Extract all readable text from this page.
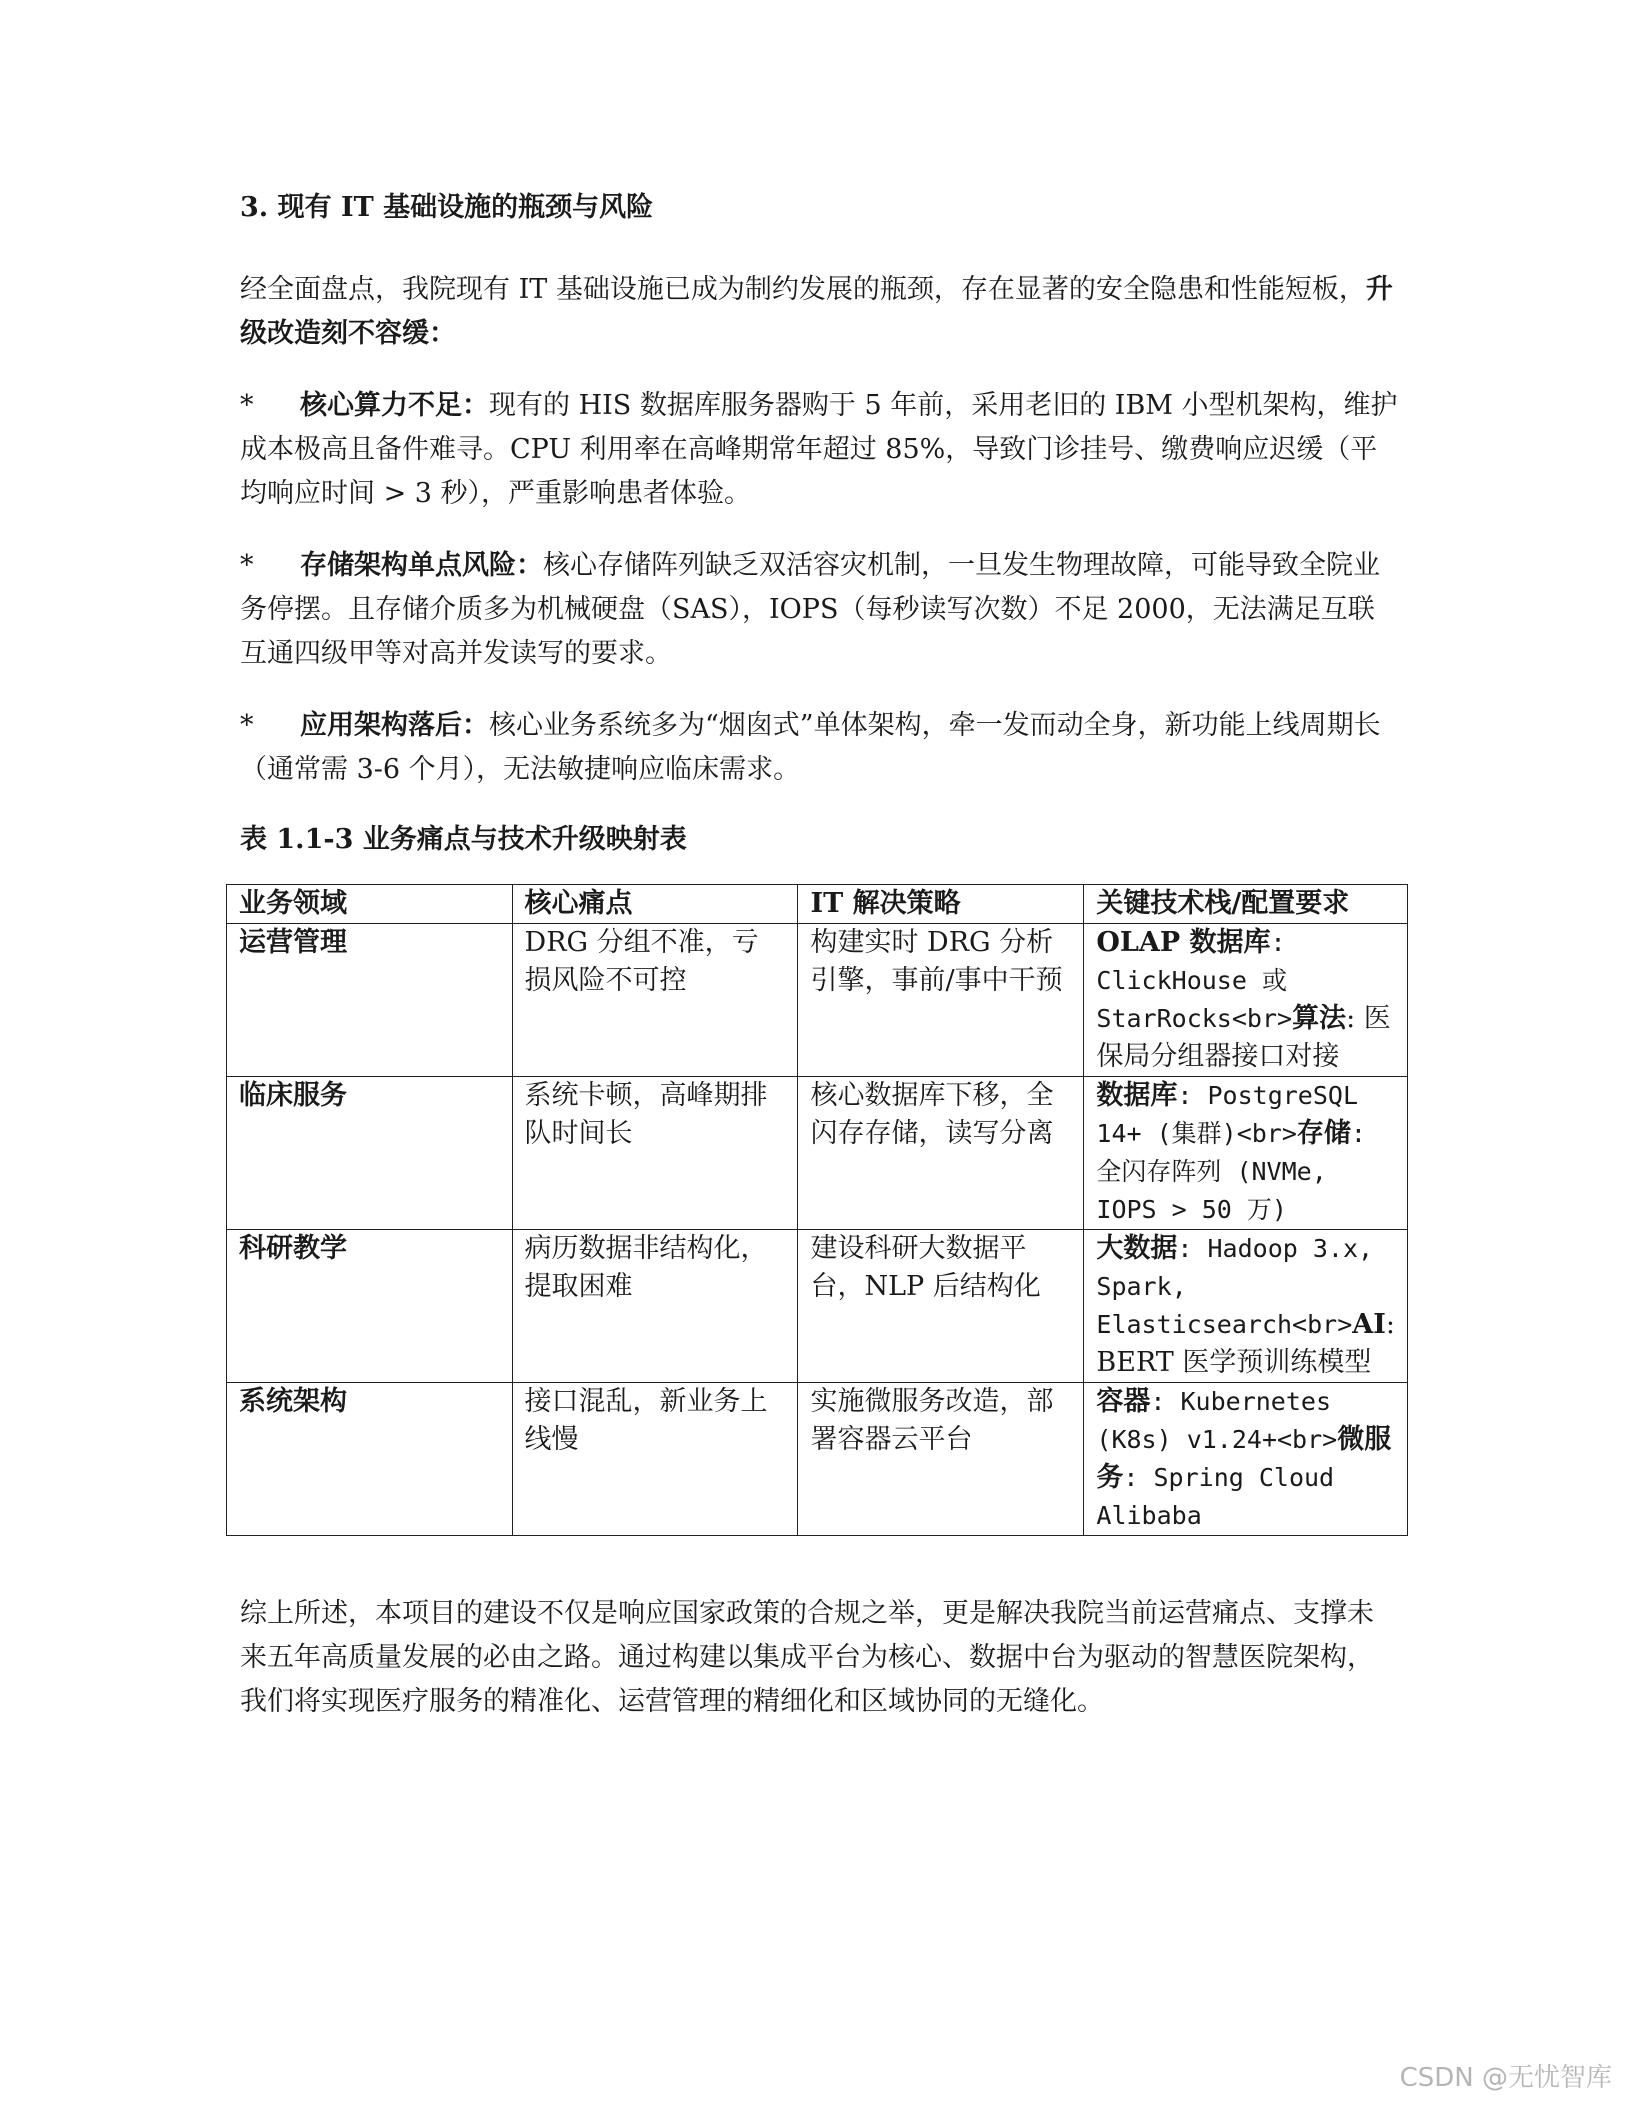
3. 现有 IT 基础设施的瓶颈与风险

经全面盘点，我院现有 IT 基础设施已成为制约发展的瓶颈，存在显著的安全隐患和性能短板，升级改造刻不容缓：

* 核心算力不足：现有的 HIS 数据库服务器购于 5 年前，采用老旧的 IBM 小型机架构，维护成本极高且备件难寻。CPU 利用率在高峰期常年超过 85%，导致门诊挂号、缴费响应迟缓（平均响应时间 > 3 秒），严重影响患者体验。

* 存储架构单点风险：核心存储阵列缺乏双活容灾机制，一旦发生物理故障，可能导致全院业务停摆。且存储介质多为机械硬盘（SAS），IOPS（每秒读写次数）不足 2000，无法满足互联互通四级甲等对高并发读写的要求。

* 应用架构落后：核心业务系统多为“烟囱式”单体架构，牵一发而动全身，新功能上线周期长（通常需 3-6 个月），无法敏捷响应临床需求。

表 1.1-3 业务痛点与技术升级映射表
业务领域	核心痛点	IT 解决策略	关键技术栈/配置要求
运营管理	DRG 分组不准，亏损风险不可控	构建实时 DRG 分析引擎，事前/事中干预	OLAP 数据库: ClickHouse 或 StarRocks<br>算法: 医保局分组器接口对接
临床服务	系统卡顿，高峰期排队时间长	核心数据库下移，全闪存存储，读写分离	数据库: PostgreSQL 14+ (集群)<br>存储: 全闪存阵列 (NVMe, IOPS > 50 万)
科研教学	病历数据非结构化，提取困难	建设科研大数据平台，NLP 后结构化	大数据: Hadoop 3.x, Spark, Elasticsearch<br>AI: BERT 医学预训练模型
系统架构	接口混乱，新业务上线慢	实施微服务改造，部署容器云平台	容器: Kubernetes (K8s) v1.24+<br>微服务: Spring Cloud Alibaba

综上所述，本项目的建设不仅是响应国家政策的合规之举，更是解决我院当前运营痛点、支撑未来五年高质量发展的必由之路。通过构建以集成平台为核心、数据中台为驱动的智慧医院架构，我们将实现医疗服务的精准化、运营管理的精细化和区域协同的无缝化。

CSDN @无忧智库
